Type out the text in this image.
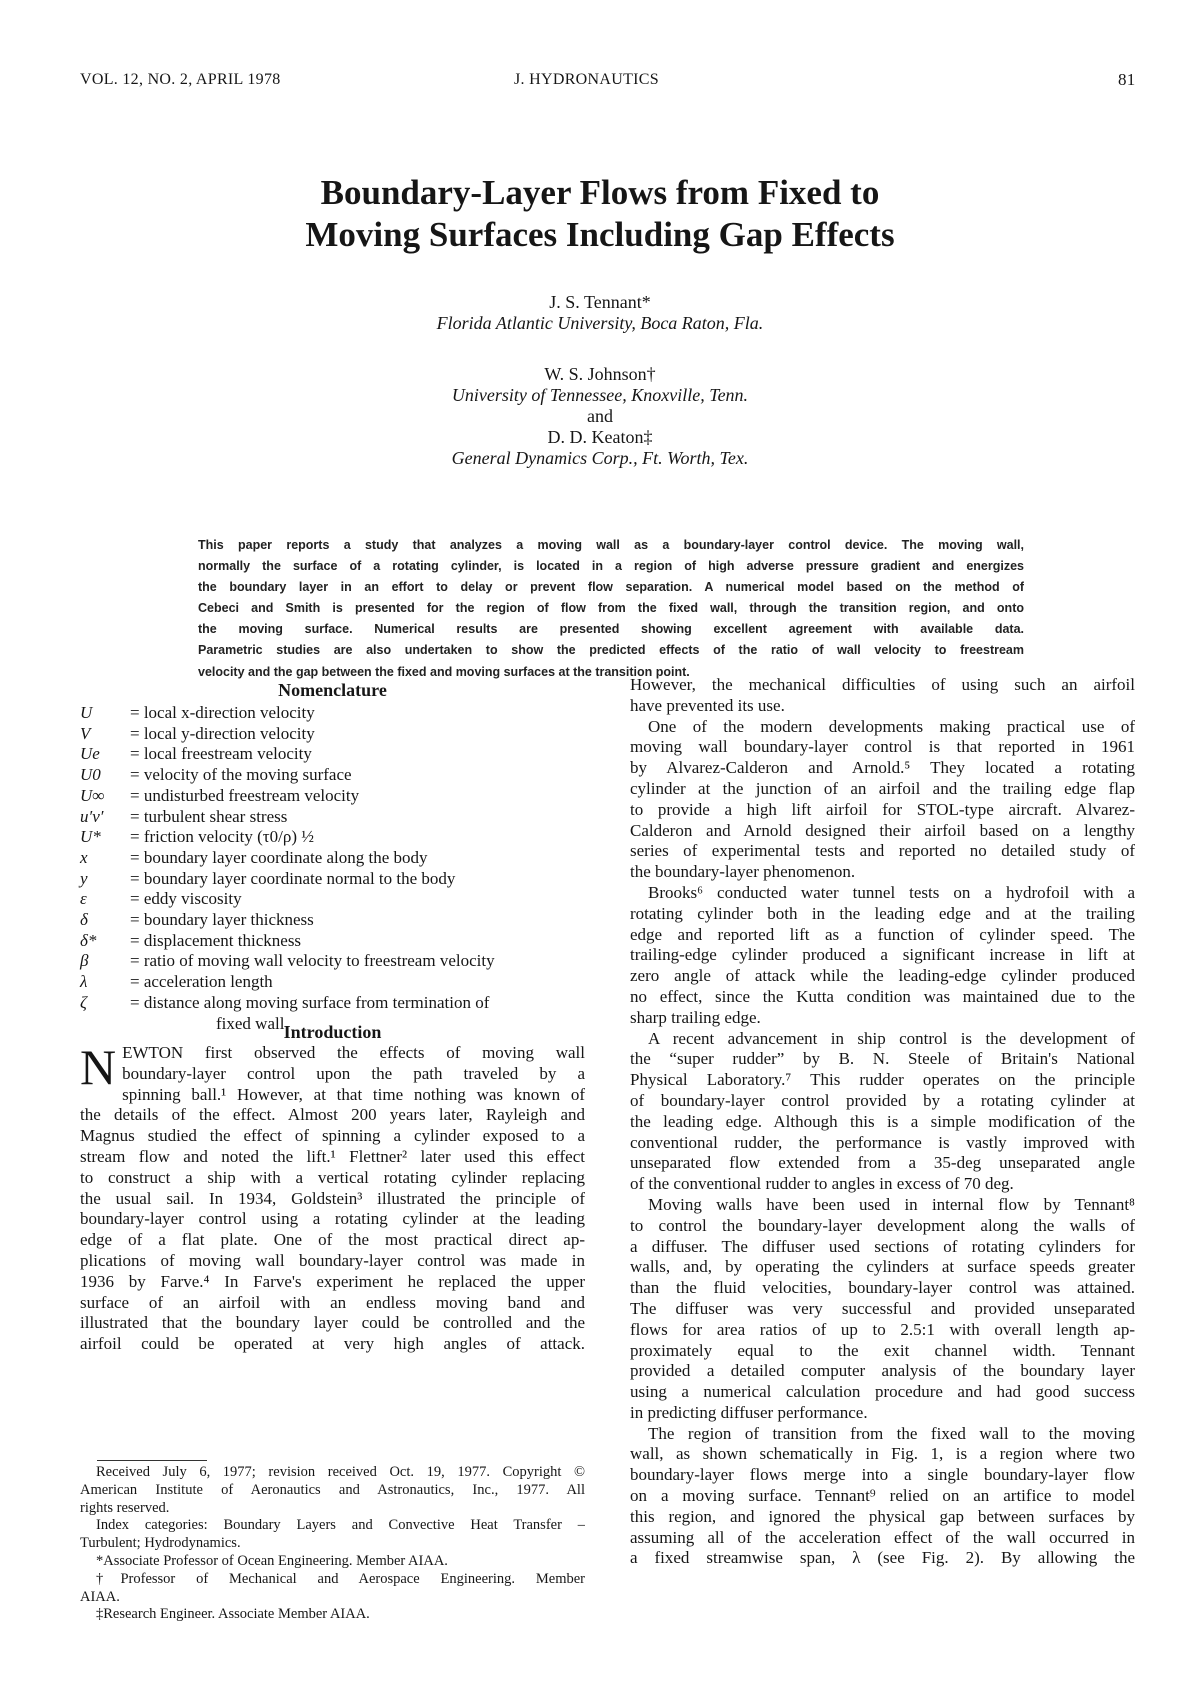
VOL. 12, NO. 2, APRIL 1978	J. HYDRONAUTICS	81
Boundary-Layer Flows from Fixed to
Moving Surfaces Including Gap Effects
J. S. Tennant*
Florida Atlantic University, Boca Raton, Fla.
W. S. Johnson†
University of Tennessee, Knoxville, Tenn.
and
D. D. Keaton‡
General Dynamics Corp., Ft. Worth, Tex.
This paper reports a study that analyzes a moving wall as a boundary-layer control device. The moving wall,
normally the surface of a rotating cylinder, is located in a region of high adverse pressure gradient and energizes
the boundary layer in an effort to delay or prevent flow separation. A numerical model based on the method of
Cebeci and Smith is presented for the region of flow from the fixed wall, through the transition region, and onto
the moving surface. Numerical results are presented showing excellent agreement with available data.
Parametric studies are also undertaken to show the predicted effects of the ratio of wall velocity to freestream
velocity and the gap between the fixed and moving surfaces at the transition point.
Nomenclature
U	= local x-direction velocity
V	= local y-direction velocity
Ue	= local freestream velocity
U0	= velocity of the moving surface
U∞	= undisturbed freestream velocity
u′v′	= turbulent shear stress
U*	= friction velocity (τ0/ρ) ½
x	= boundary layer coordinate along the body
y	= boundary layer coordinate normal to the body
ε	= eddy viscosity
δ	= boundary layer thickness
δ*	= displacement thickness
β	= ratio of moving wall velocity to freestream velocity
λ	= acceleration length
ζ	= distance along moving surface from termination of
fixed wall Introduction
N EWTON first observed the effects of moving wall
boundary-layer control upon the path traveled by a
spinning ball.¹ However, at that time nothing was known of
the details of the effect. Almost 200 years later, Rayleigh and
Magnus studied the effect of spinning a cylinder exposed to a
stream flow and noted the lift.¹ Flettner² later used this effect
to construct a ship with a vertical rotating cylinder replacing
the usual sail. In 1934, Goldstein³ illustrated the principle of
boundary-layer control using a rotating cylinder at the leading
edge of a flat plate. One of the most practical direct ap-
plications of moving wall boundary-layer control was made in
1936 by Farve.⁴ In Farve's experiment he replaced the upper
surface of an airfoil with an endless moving band and
illustrated that the boundary layer could be controlled and the
airfoil could be operated at very high angles of attack.
Received July 6, 1977; revision received Oct. 19, 1977. Copyright ©
American Institute of Aeronautics and Astronautics, Inc., 1977. All
rights reserved.
Index categories: Boundary Layers and Convective Heat Transfer –
Turbulent; Hydrodynamics.
*Associate Professor of Ocean Engineering. Member AIAA.
†Professor of Mechanical and Aerospace Engineering. Member
AIAA.
‡Research Engineer. Associate Member AIAA.
However, the mechanical difficulties of using such an airfoil
have prevented its use.
One of the modern developments making practical use of
moving wall boundary-layer control is that reported in 1961
by Alvarez-Calderon and Arnold.⁵ They located a rotating
cylinder at the junction of an airfoil and the trailing edge flap
to provide a high lift airfoil for STOL-type aircraft. Alvarez-
Calderon and Arnold designed their airfoil based on a lengthy
series of experimental tests and reported no detailed study of
the boundary-layer phenomenon.
Brooks⁶ conducted water tunnel tests on a hydrofoil with a
rotating cylinder both in the leading edge and at the trailing
edge and reported lift as a function of cylinder speed. The
trailing-edge cylinder produced a significant increase in lift at
zero angle of attack while the leading-edge cylinder produced
no effect, since the Kutta condition was maintained due to the
sharp trailing edge.
A recent advancement in ship control is the development of
the “super rudder” by B. N. Steele of Britain's National
Physical Laboratory.⁷ This rudder operates on the principle
of boundary-layer control provided by a rotating cylinder at
the leading edge. Although this is a simple modification of the
conventional rudder, the performance is vastly improved with
unseparated flow extended from a 35-deg unseparated angle
of the conventional rudder to angles in excess of 70 deg.
Moving walls have been used in internal flow by Tennant⁸
to control the boundary-layer development along the walls of
a diffuser. The diffuser used sections of rotating cylinders for
walls, and, by operating the cylinders at surface speeds greater
than the fluid velocities, boundary-layer control was attained.
The diffuser was very successful and provided unseparated
flows for area ratios of up to 2.5:1 with overall length ap-
proximately equal to the exit channel width. Tennant
provided a detailed computer analysis of the boundary layer
using a numerical calculation procedure and had good success
in predicting diffuser performance.
The region of transition from the fixed wall to the moving
wall, as shown schematically in Fig. 1, is a region where two
boundary-layer flows merge into a single boundary-layer flow
on a moving surface. Tennant⁹ relied on an artifice to model
this region, and ignored the physical gap between surfaces by
assuming all of the acceleration effect of the wall occurred in
a fixed streamwise span, λ (see Fig. 2). By allowing the
